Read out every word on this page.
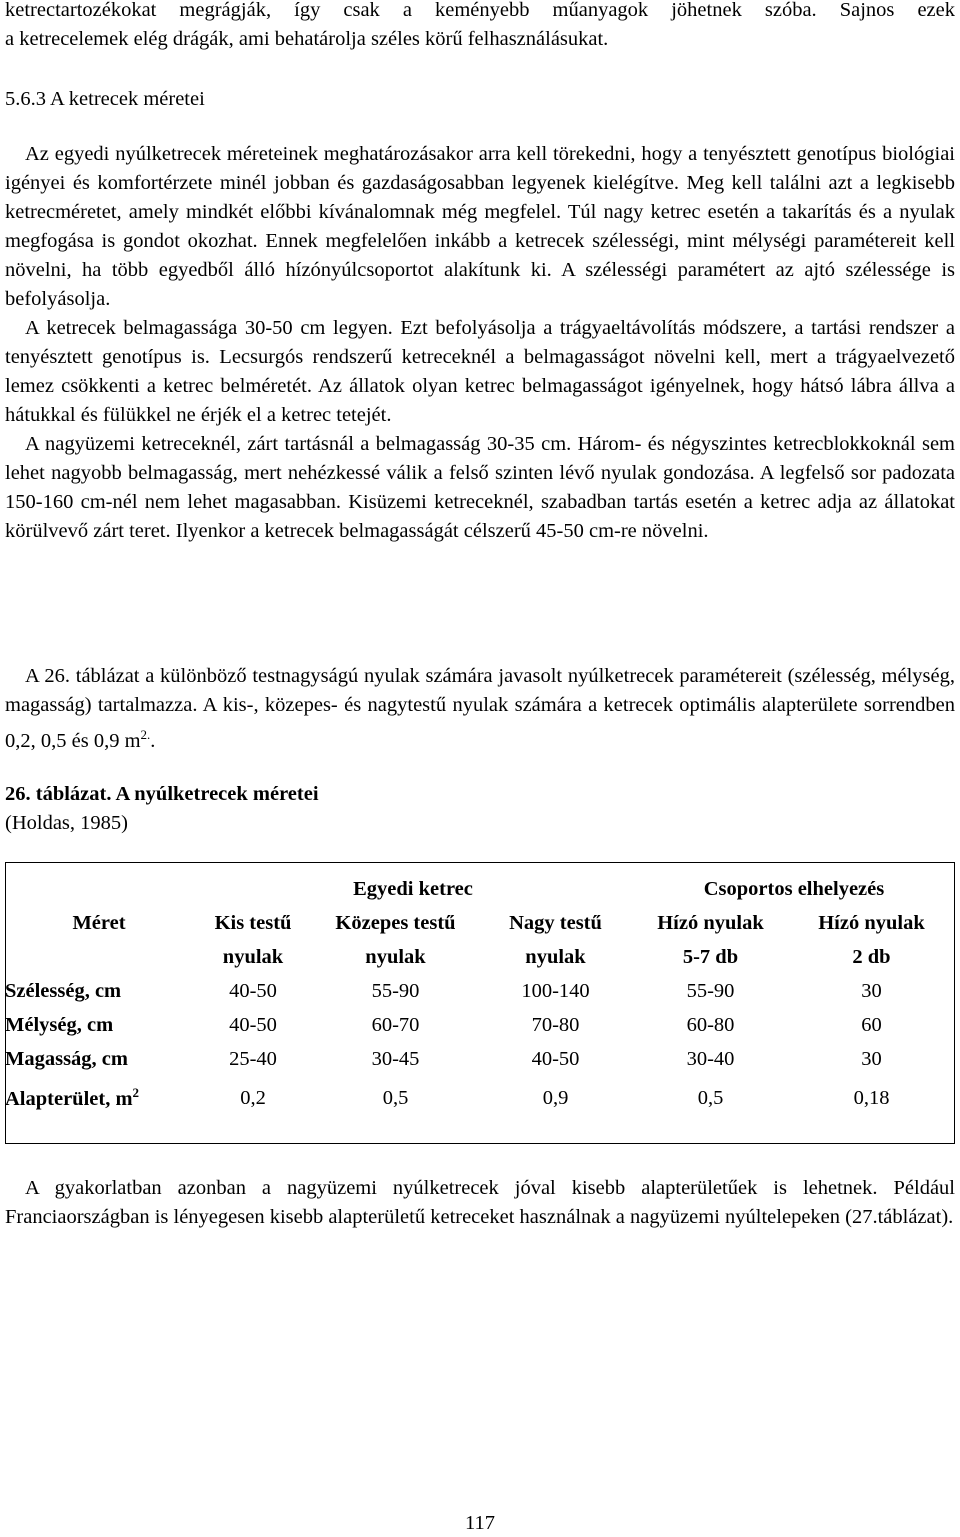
ketrectartozékokat megrágják, így csak a keményebb műanyagok jöhetnek szóba. Sajnos ezek

a ketrecelemek elég drágák, ami behatárolja széles körű felhasználásukat.

5.6.3 A ketrecek méretei

Az egyedi nyúlketrecek méreteinek meghatározásakor arra kell törekedni, hogy a tenyésztett genotípus biológiai igényei és komfortérzete minél jobban és gazdaságosabban legyenek kielégítve. Meg kell találni azt a legkisebb ketrecméretet, amely mindkét előbbi kívánalomnak még megfelel. Túl nagy ketrec esetén a takarítás és a nyulak megfogása is gondot okozhat. Ennek megfelelően inkább a ketrecek szélességi, mint mélységi paramétereit kell növelni, ha több egyedből álló hízónyúlcsoportot alakítunk ki. A szélességi paramétert az ajtó szélessége is befolyásolja.

A ketrecek belmagassága 30-50 cm legyen. Ezt befolyásolja a trágyaeltávolítás módszere, a tartási rendszer a tenyésztett genotípus is. Lecsurgós rendszerű ketreceknél a belmagasságot növelni kell, mert a trágyaelvezető lemez csökkenti a ketrec belméretét. Az állatok olyan ketrec belmagasságot igényelnek, hogy hátsó lábra állva a hátukkal és fülükkel ne érjék el a ketrec tetejét.

A nagyüzemi ketreceknél, zárt tartásnál a belmagasság 30-35 cm. Három- és négyszintes ketrecblokkoknál sem lehet nagyobb belmagasság, mert nehézkessé válik a felső szinten lévő nyulak gondozása. A legfelső sor padozata 150-160 cm-nél nem lehet magasabban. Kisüzemi ketreceknél, szabadban tartás esetén a ketrec adja az állatokat körülvevő zárt teret. Ilyenkor a ketrecek belmagasságát célszerű 45-50 cm-re növelni.

A 26. táblázat a különböző testnagyságú nyulak számára javasolt nyúlketrecek paramétereit (szélesség, mélység, magasság) tartalmazza. A kis-, közepes- és nagytestű nyulak számára a ketrecek optimális alapterülete sorrendben 0,2, 0,5 és 0,9 $m^{2.}$.

26. táblázat. A nyúlketrecek méretei
(Holdas, 1985)

	Egyedi ketrec			Csoportos elhelyezés	
Méret	Kis testű	Közepes testű	Nagy testű	Hízó nyulak	Hízó nyulak
	nyulak	nyulak	nyulak	5-7 db	2 db
Szélesség, cm	40-50	55-90	100-140	55-90	30
Mélység, cm	40-50	60-70	70-80	60-80	60
Magasság, cm	25-40	30-45	40-50	30-40	30
Alapterület, $m^2$	0,2	0,5	0,9	0,5	0,18

A gyakorlatban azonban a nagyüzemi nyúlketrecek jóval kisebb alapterületűek is lehetnek. Például Franciaországban is lényegesen kisebb alapterületű ketreceket használnak a nagyüzemi nyúltelepeken (27.táblázat).

117
